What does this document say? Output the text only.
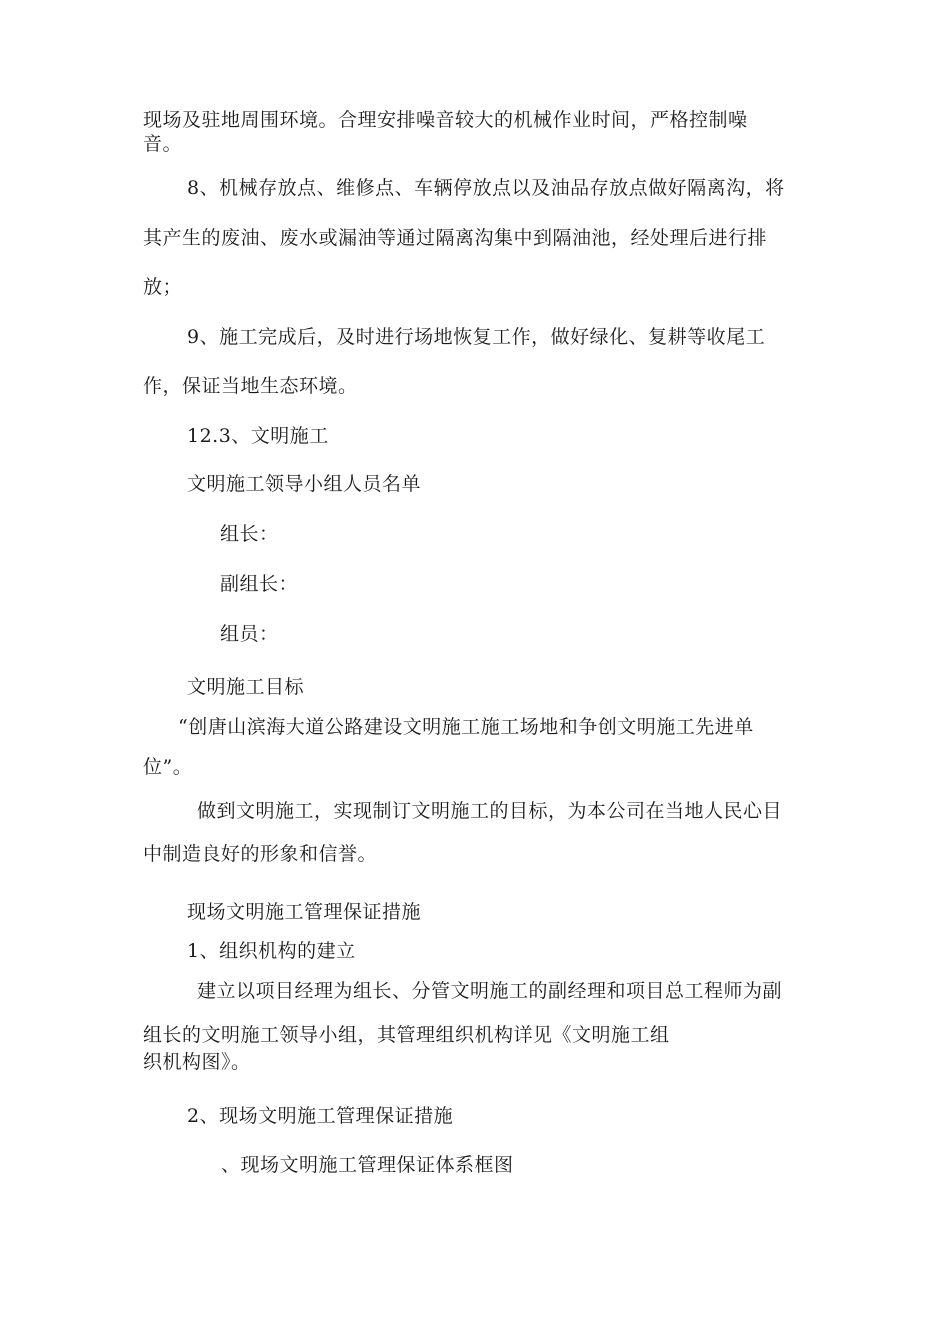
现场及驻地周围环境。合理安排噪音较大的机械作业时间，严格控制噪
音。
8、机械存放点、维修点、车辆停放点以及油品存放点做好隔离沟，将
其产生的废油、废水或漏油等通过隔离沟集中到隔油池，经处理后进行排
放；
9、施工完成后，及时进行场地恢复工作，做好绿化、复耕等收尾工
作，保证当地生态环境。
12.3、文明施工
文明施工领导小组人员名单
组长：
副组长：
组员：
文明施工目标
“创唐山滨海大道公路建设文明施工施工场地和争创文明施工先进单
位”。
做到文明施工，实现制订文明施工的目标，为本公司在当地人民心目
中制造良好的形象和信誉。
现场文明施工管理保证措施
1、组织机构的建立
建立以项目经理为组长、分管文明施工的副经理和项目总工程师为副
组长的文明施工领导小组，其管理组织机构详见《文明施工组
织机构图》。
2、现场文明施工管理保证措施
、现场文明施工管理保证体系框图
